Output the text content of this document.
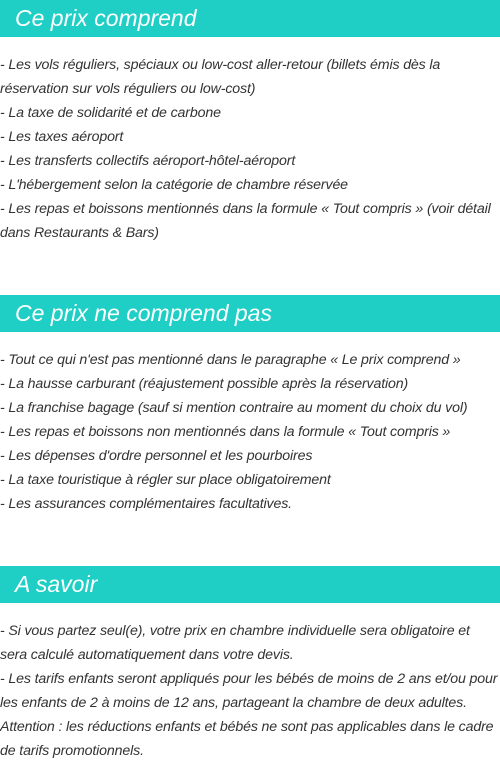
Ce prix comprend
- Les vols réguliers, spéciaux ou low-cost aller-retour (billets émis dès la réservation sur vols réguliers ou low-cost)
- La taxe de solidarité et de carbone
- Les taxes aéroport
- Les transferts collectifs aéroport-hôtel-aéroport
- L'hébergement selon la catégorie de chambre réservée
- Les repas et boissons mentionnés dans la formule « Tout compris » (voir détail dans Restaurants & Bars)
Ce prix ne comprend pas
- Tout ce qui n'est pas mentionné dans le paragraphe « Le prix comprend »
- La hausse carburant (réajustement possible après la réservation)
- La franchise bagage (sauf si mention contraire au moment du choix du vol)
- Les repas et boissons non mentionnés dans la formule « Tout compris »
- Les dépenses d'ordre personnel et les pourboires
- La taxe touristique à régler sur place obligatoirement
- Les assurances complémentaires facultatives.
A savoir
- Si vous partez seul(e), votre prix en chambre individuelle sera obligatoire et sera calculé automatiquement dans votre devis.
- Les tarifs enfants seront appliqués pour les bébés de moins de 2 ans et/ou pour les enfants de 2 à moins de 12 ans, partageant la chambre de deux adultes.
Attention : les réductions enfants et bébés ne sont pas applicables dans le cadre de tarifs promotionnels.
